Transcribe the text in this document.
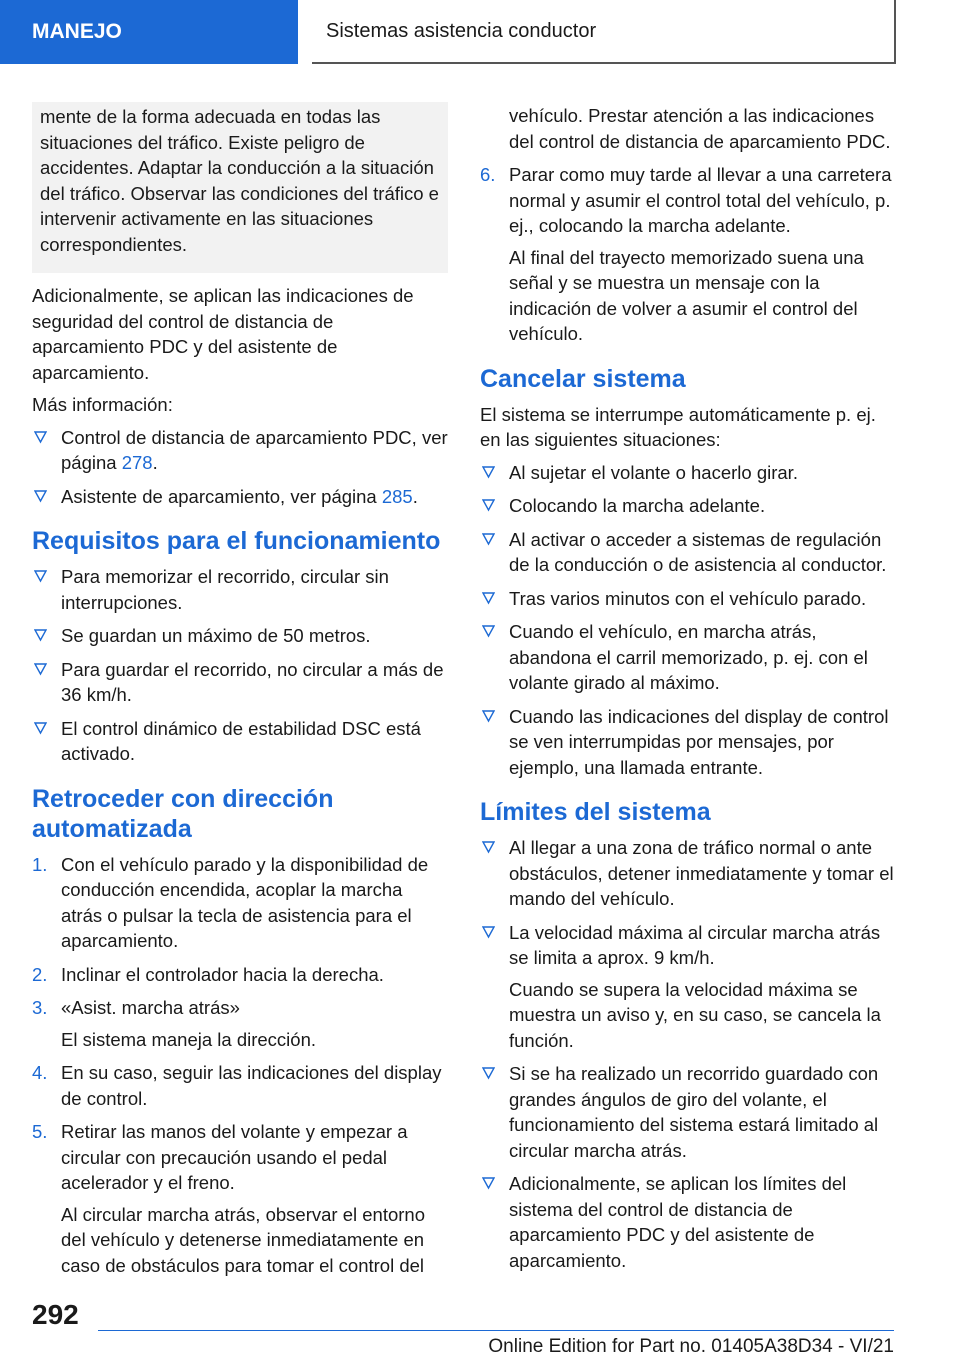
MANEJO	Sistemas asistencia conductor
mente de la forma adecuada en todas las situaciones del tráfico. Existe peligro de accidentes. Adaptar la conducción a la situación del tráfico. Observar las condiciones del tráfico e intervenir activamente en las situaciones correspondientes.
Adicionalmente, se aplican las indicaciones de seguridad del control de distancia de aparcamiento PDC y del asistente de aparcamiento.
Más información:
Control de distancia de aparcamiento PDC, ver página 278.
Asistente de aparcamiento, ver página 285.
Requisitos para el funcionamiento
Para memorizar el recorrido, circular sin interrupciones.
Se guardan un máximo de 50 metros.
Para guardar el recorrido, no circular a más de 36 km/h.
El control dinámico de estabilidad DSC está activado.
Retroceder con dirección automatizada
1. Con el vehículo parado y la disponibilidad de conducción encendida, acoplar la marcha atrás o pulsar la tecla de asistencia para el aparcamiento.
2. Inclinar el controlador hacia la derecha.
3. «Asist. marcha atrás»
El sistema maneja la dirección.
4. En su caso, seguir las indicaciones del display de control.
5. Retirar las manos del volante y empezar a circular con precaución usando el pedal acelerador y el freno.
Al circular marcha atrás, observar el entorno del vehículo y detenerse inmediatamente en caso de obstáculos para tomar el control del
vehículo. Prestar atención a las indicaciones del control de distancia de aparcamiento PDC.
6. Parar como muy tarde al llevar a una carretera normal y asumir el control total del vehículo, p. ej., colocando la marcha adelante.
Al final del trayecto memorizado suena una señal y se muestra un mensaje con la indicación de volver a asumir el control del vehículo.
Cancelar sistema
El sistema se interrumpe automáticamente p. ej. en las siguientes situaciones:
Al sujetar el volante o hacerlo girar.
Colocando la marcha adelante.
Al activar o acceder a sistemas de regulación de la conducción o de asistencia al conductor.
Tras varios minutos con el vehículo parado.
Cuando el vehículo, en marcha atrás, abandona el carril memorizado, p. ej. con el volante girado al máximo.
Cuando las indicaciones del display de control se ven interrumpidas por mensajes, por ejemplo, una llamada entrante.
Límites del sistema
Al llegar a una zona de tráfico normal o ante obstáculos, detener inmediatamente y tomar el mando del vehículo.
La velocidad máxima al circular marcha atrás se limita a aprox. 9 km/h.
Cuando se supera la velocidad máxima se muestra un aviso y, en su caso, se cancela la función.
Si se ha realizado un recorrido guardado con grandes ángulos de giro del volante, el funcionamiento del sistema estará limitado al circular marcha atrás.
Adicionalmente, se aplican los límites del sistema del control de distancia de aparcamiento PDC y del asistente de aparcamiento.
292
Online Edition for Part no. 01405A38D34 - VI/21
